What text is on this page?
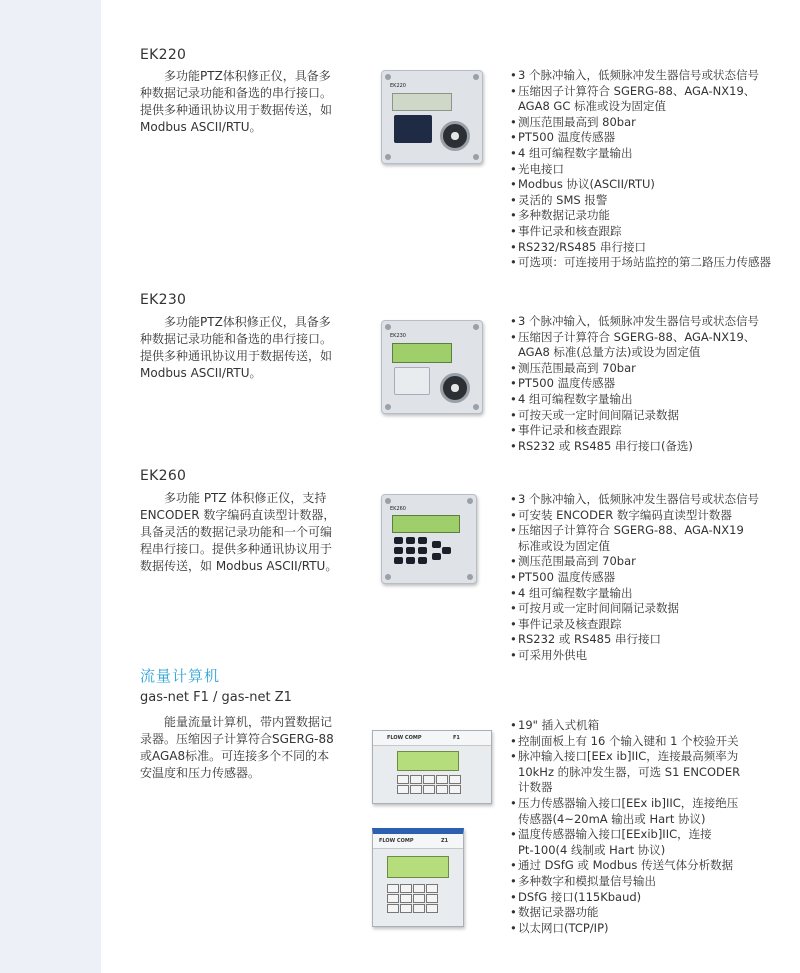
EK220

多功能PTZ体积修正仪，具备多

种数据记录功能和备选的串行接口。

提供多种通讯协议用于数据传送，如

Modbus ASCII/RTU。

EK220
• 3 个脉冲输入，低频脉冲发生器信号或状态信号
• 压缩因子计算符合 SGERG-88、AGA-NX19、
AGA8 GC 标准或设为固定值
• 测压范围最高到 80bar
• PT500 温度传感器
• 4 组可编程数字量输出
• 光电接口
• Modbus 协议(ASCII/RTU)
• 灵活的 SMS 报警
• 多种数据记录功能
• 事件记录和核查跟踪
• RS232/RS485 串行接口
• 可选项：可连接用于场站监控的第二路压力传感器
EK230

多功能PTZ体积修正仪，具备多

种数据记录功能和备选的串行接口。

提供多种通讯协议用于数据传送，如

Modbus ASCII/RTU。

EK230
• 3 个脉冲输入，低频脉冲发生器信号或状态信号
• 压缩因子计算符合 SGERG-88、AGA-NX19、
AGA8 标准(总量方法)或设为固定值
• 测压范围最高到 70bar
• PT500 温度传感器
• 4 组可编程数字量输出
• 可按天或一定时间间隔记录数据
• 事件记录和核查跟踪
• RS232 或 RS485 串行接口(备选)
EK260

多功能 PTZ 体积修正仪，支持

ENCODER 数字编码直读型计数器，

具备灵活的数据记录功能和一个可编

程串行接口。提供多种通讯协议用于

数据传送，如 Modbus ASCII/RTU。

EK260
• 3 个脉冲输入，低频脉冲发生器信号或状态信号
• 可安装 ENCODER 数字编码直读型计数器
• 压缩因子计算符合 SGERG-88、AGA-NX19
标准或设为固定值
• 测压范围最高到 70bar
• PT500 温度传感器
• 4 组可编程数字量输出
• 可按月或一定时间间隔记录数据
• 事件记录及核查跟踪
• RS232 或 RS485 串行接口
• 可采用外供电
流量计算机
gas-net F1 / gas-net Z1

能量流量计算机，带内置数据记

录器。压缩因子计算符合SGERG-88

或AGA8标准。可连接多个不同的本

安温度和压力传感器。

FLOW COMP	F1
FLOW COMP	Z1
• 19" 插入式机箱
• 控制面板上有 16 个输入键和 1 个校验开关
• 脉冲输入接口[EEx ib]IIC，连接最高频率为
10kHz 的脉冲发生器，可选 S1 ENCODER
计数器
• 压力传感器输入接口[EEx ib]IIC，连接绝压
传感器(4~20mA 输出或 Hart 协议)
• 温度传感器输入接口[EExib]IIC，连接
Pt-100(4 线制或 Hart 协议)
• 通过 DSfG 或 Modbus 传送气体分析数据
• 多种数字和模拟量信号输出
• DSfG 接口(115Kbaud)
• 数据记录器功能
• 以太网口(TCP/IP)
